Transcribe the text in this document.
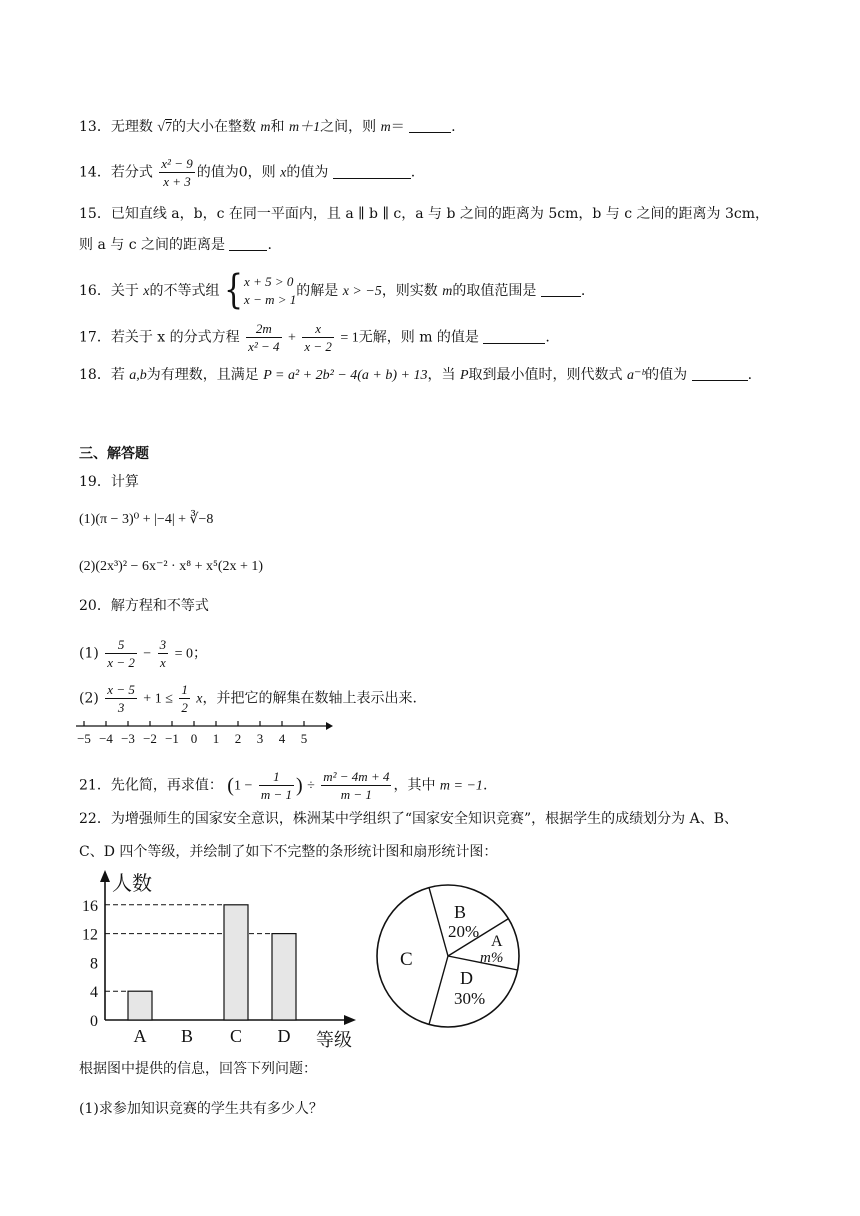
13．无理数 √7的大小在整数 m和 m＋1之间，则 m＝	.
14．若分式 $\frac{\text{x² − 9}}{x + 3}$ 的值为0，则 x的值为	.
15．已知直线 a，b，c 在同一平面内，且 a ∥ b ∥ c，a 与 b 之间的距离为 5cm，b 与 c 之间的距离为 3cm，
则 a 与 c 之间的距离是	.
16．关于 x的不等式组 { x + 5 > 0
x − m > 1
的解是 x > −5，则实数 m的取值范围是	.
17．若关于 x 的分式方程 $\frac{2m}{\text{x² − 4}} + \frac{x}{x - 2} = 1$无解，则 m 的值是	.
18．若 a,b为有理数，且满足 P = a² + 2b² − 4(a + b) + 13，当 P取到最小值时，则代数式 a⁻ᵇ的值为	.
三、解答题
19．计算
(1)(π − 3)⁰ + |−4| + ∛−8
(2)(2x³)² − 6x⁻² · x⁸ + x⁵(2x + 1)
20．解方程和不等式
$(1) \frac{5}{x - 2} - \frac{3}{x} = 0$；
$(2) \frac{x - 5}{3} + 1 \le \frac{1}{2}$ x，并把它的解集在数轴上表示出来.
−5 −4 −3 −2 −1 0 1 2 3 4 5
21．先化简，再求值： ($1 - \frac{1}{m - 1}$ ) ÷ $\frac{\text{m² − 4m + 4}}{m - 1}$ ，其中 m = −1.
22．为增强师生的国家安全意识，株洲某中学组织了“国家安全知识竞赛”，根据学生的成绩划分为 A、B、
C、D 四个等级，并绘制了如下不完整的条形统计图和扇形统计图：
人数
等级
0
4
8
12
16
A B C D
B
20%
A
m%
C
D
30%
根据图中提供的信息，回答下列问题：
(1)求参加知识竞赛的学生共有多少人？
